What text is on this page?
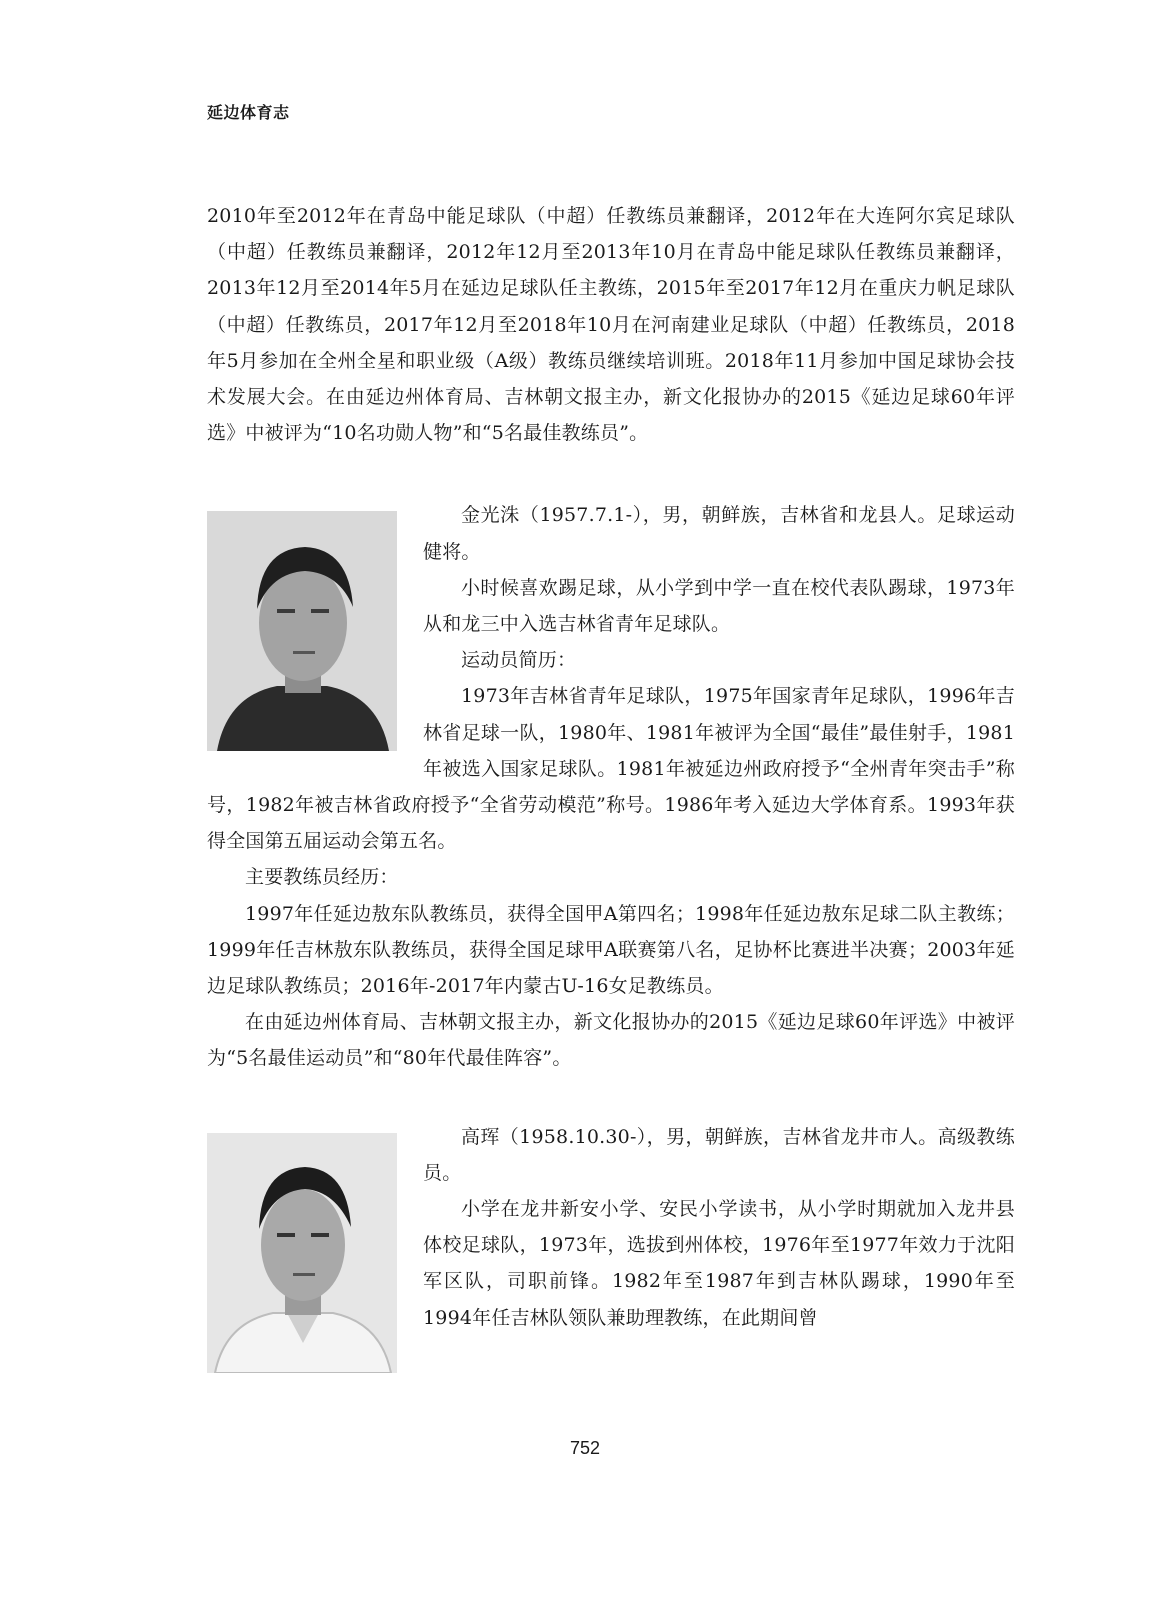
延边体育志

2010年至2012年在青岛中能足球队（中超）任教练员兼翻译，2012年在大连阿尔宾足球队（中超）任教练员兼翻译，2012年12月至2013年10月在青岛中能足球队任教练员兼翻译，2013年12月至2014年5月在延边足球队任主教练，2015年至2017年12月在重庆力帆足球队（中超）任教练员，2017年12月至2018年10月在河南建业足球队（中超）任教练员，2018年5月参加在全州全星和职业级（A级）教练员继续培训班。2018年11月参加中国足球协会技术发展大会。在由延边州体育局、吉林朝文报主办，新文化报协办的2015《延边足球60年评选》中被评为“10名功勋人物”和“5名最佳教练员”。

金光洙（1957.7.1-），男，朝鲜族，吉林省和龙县人。足球运动健将。

小时候喜欢踢足球，从小学到中学一直在校代表队踢球，1973年从和龙三中入选吉林省青年足球队。

运动员简历：

1973年吉林省青年足球队，1975年国家青年足球队，1996年吉林省足球一队，1980年、1981年被评为全国“最佳”最佳射手，1981年被选入国家足球队。1981年被延边州政府授予“全州青年突击手”称号，1982年被吉林省政府授予“全省劳动模范”称号。1986年考入延边大学体育系。1993年获得全国第五届运动会第五名。

主要教练员经历：

1997年任延边敖东队教练员，获得全国甲A第四名；1998年任延边敖东足球二队主教练；1999年任吉林敖东队教练员，获得全国足球甲A联赛第八名，足协杯比赛进半决赛；2003年延边足球队教练员；2016年-2017年内蒙古U-16女足教练员。

在由延边州体育局、吉林朝文报主办，新文化报协办的2015《延边足球60年评选》中被评为“5名最佳运动员”和“80年代最佳阵容”。

高珲（1958.10.30-），男，朝鲜族，吉林省龙井市人。高级教练员。

小学在龙井新安小学、安民小学读书，从小学时期就加入龙井县体校足球队，1973年，选拔到州体校，1976年至1977年效力于沈阳军区队，司职前锋。1982年至1987年到吉林队踢球，1990年至1994年任吉林队领队兼助理教练，在此期间曾

752
